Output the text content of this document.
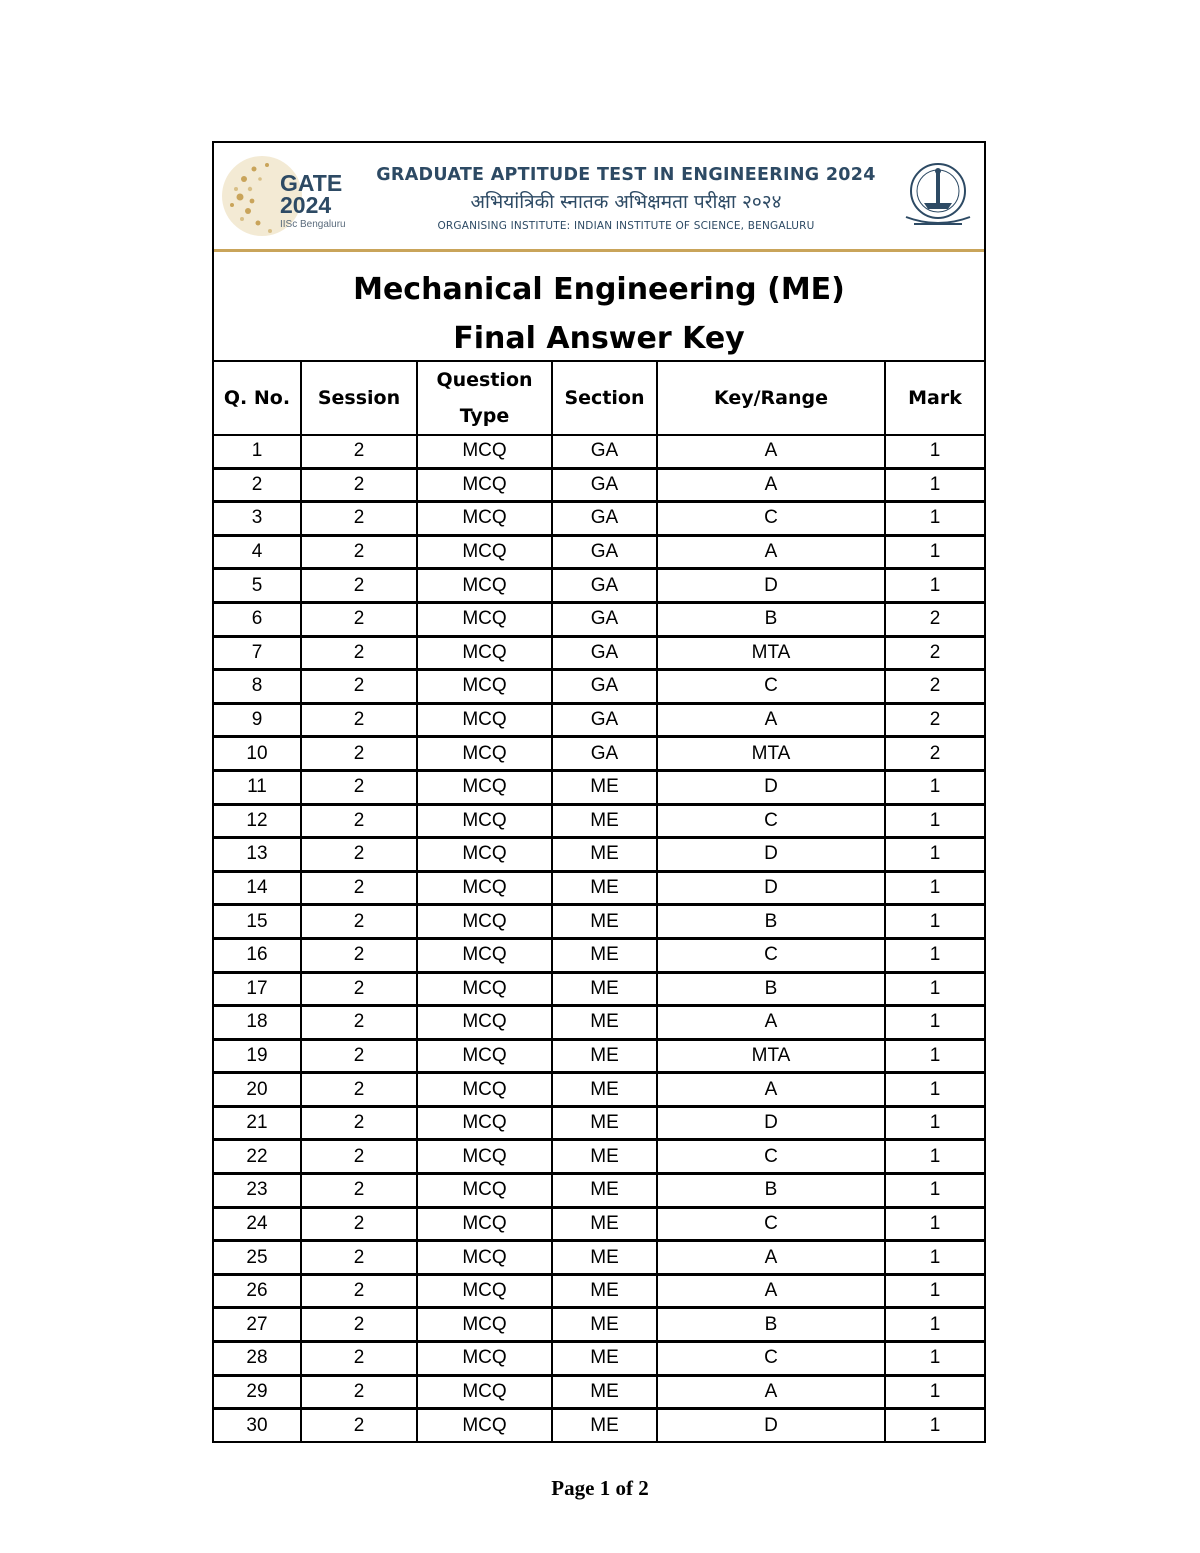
GATE
2024
IISc Bengaluru
GRADUATE APTITUDE TEST IN ENGINEERING 2024
अभियांत्रिकी स्नातक अभिक्षमता परीक्षा २०२४
ORGANISING INSTITUTE: INDIAN INSTITUTE OF SCIENCE, BENGALURU
Mechanical Engineering (ME)
Final Answer Key
Q. No.	Session	Question Type	Section	Key/Range	Mark
1	2	MCQ	GA	A	1
2	2	MCQ	GA	A	1
3	2	MCQ	GA	C	1
4	2	MCQ	GA	A	1
5	2	MCQ	GA	D	1
6	2	MCQ	GA	B	2
7	2	MCQ	GA	MTA	2
8	2	MCQ	GA	C	2
9	2	MCQ	GA	A	2
10	2	MCQ	GA	MTA	2
11	2	MCQ	ME	D	1
12	2	MCQ	ME	C	1
13	2	MCQ	ME	D	1
14	2	MCQ	ME	D	1
15	2	MCQ	ME	B	1
16	2	MCQ	ME	C	1
17	2	MCQ	ME	B	1
18	2	MCQ	ME	A	1
19	2	MCQ	ME	MTA	1
20	2	MCQ	ME	A	1
21	2	MCQ	ME	D	1
22	2	MCQ	ME	C	1
23	2	MCQ	ME	B	1
24	2	MCQ	ME	C	1
25	2	MCQ	ME	A	1
26	2	MCQ	ME	A	1
27	2	MCQ	ME	B	1
28	2	MCQ	ME	C	1
29	2	MCQ	ME	A	1
30	2	MCQ	ME	D	1
Page 1 of 2
